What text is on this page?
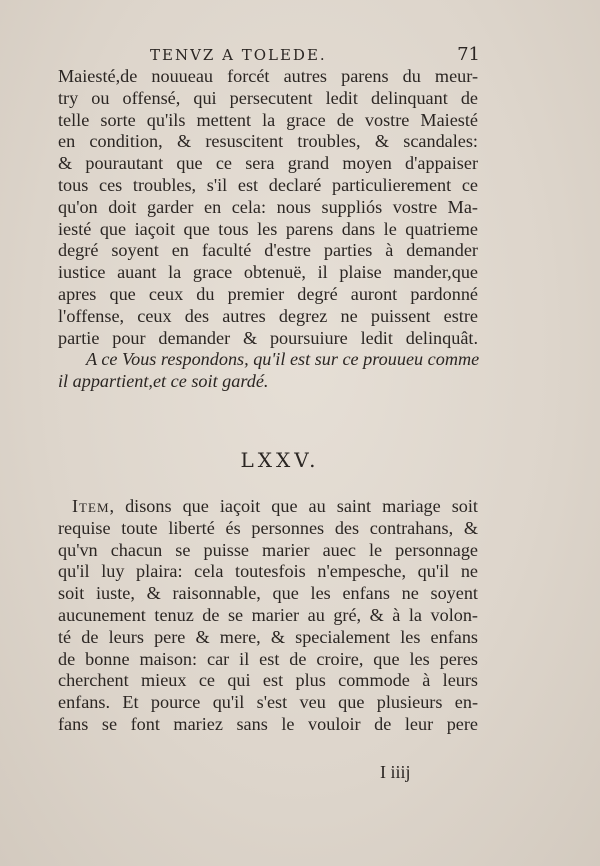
TENVZ A TOLEDE.	71
Maiesté,de nouueau forcét autres parens du meur-
try ou offensé, qui persecutent ledit delinquant de
telle sorte qu'ils mettent la grace de vostre Maiesté
en condition, & resuscitent troubles, & scandales:
& pourautant que ce sera grand moyen d'appaiser
tous ces troubles, s'il est declaré particulierement ce
qu'on doit garder en cela: nous suppliós vostre Ma-
iesté que iaçoit que tous les parens dans le quatrieme
degré soyent en faculté d'estre parties à demander
iustice auant la grace obtenuë, il plaise mander,que
apres que ceux du premier degré auront pardonné
l'offense, ceux des autres degrez ne puissent estre
partie pour demander & poursuiure ledit delinquât.
A ce Vous respondons, qu'il est sur ce prouueu comme
il appartient,et ce soit gardé.
LXXV.
Item, disons que iaçoit que au saint mariage soit
requise toute liberté és personnes des contrahans, &
qu'vn chacun se puisse marier auec le personnage
qu'il luy plaira: cela toutesfois n'empesche, qu'il ne
soit iuste, & raisonnable, que les enfans ne soyent
aucunement tenuz de se marier au gré, & à la volon-
té de leurs pere & mere, & specialement les enfans
de bonne maison: car il est de croire, que les peres
cherchent mieux ce qui est plus commode à leurs
enfans. Et pource qu'il s'est veu que plusieurs en-
fans se font mariez sans le vouloir de leur pere
I iiij
